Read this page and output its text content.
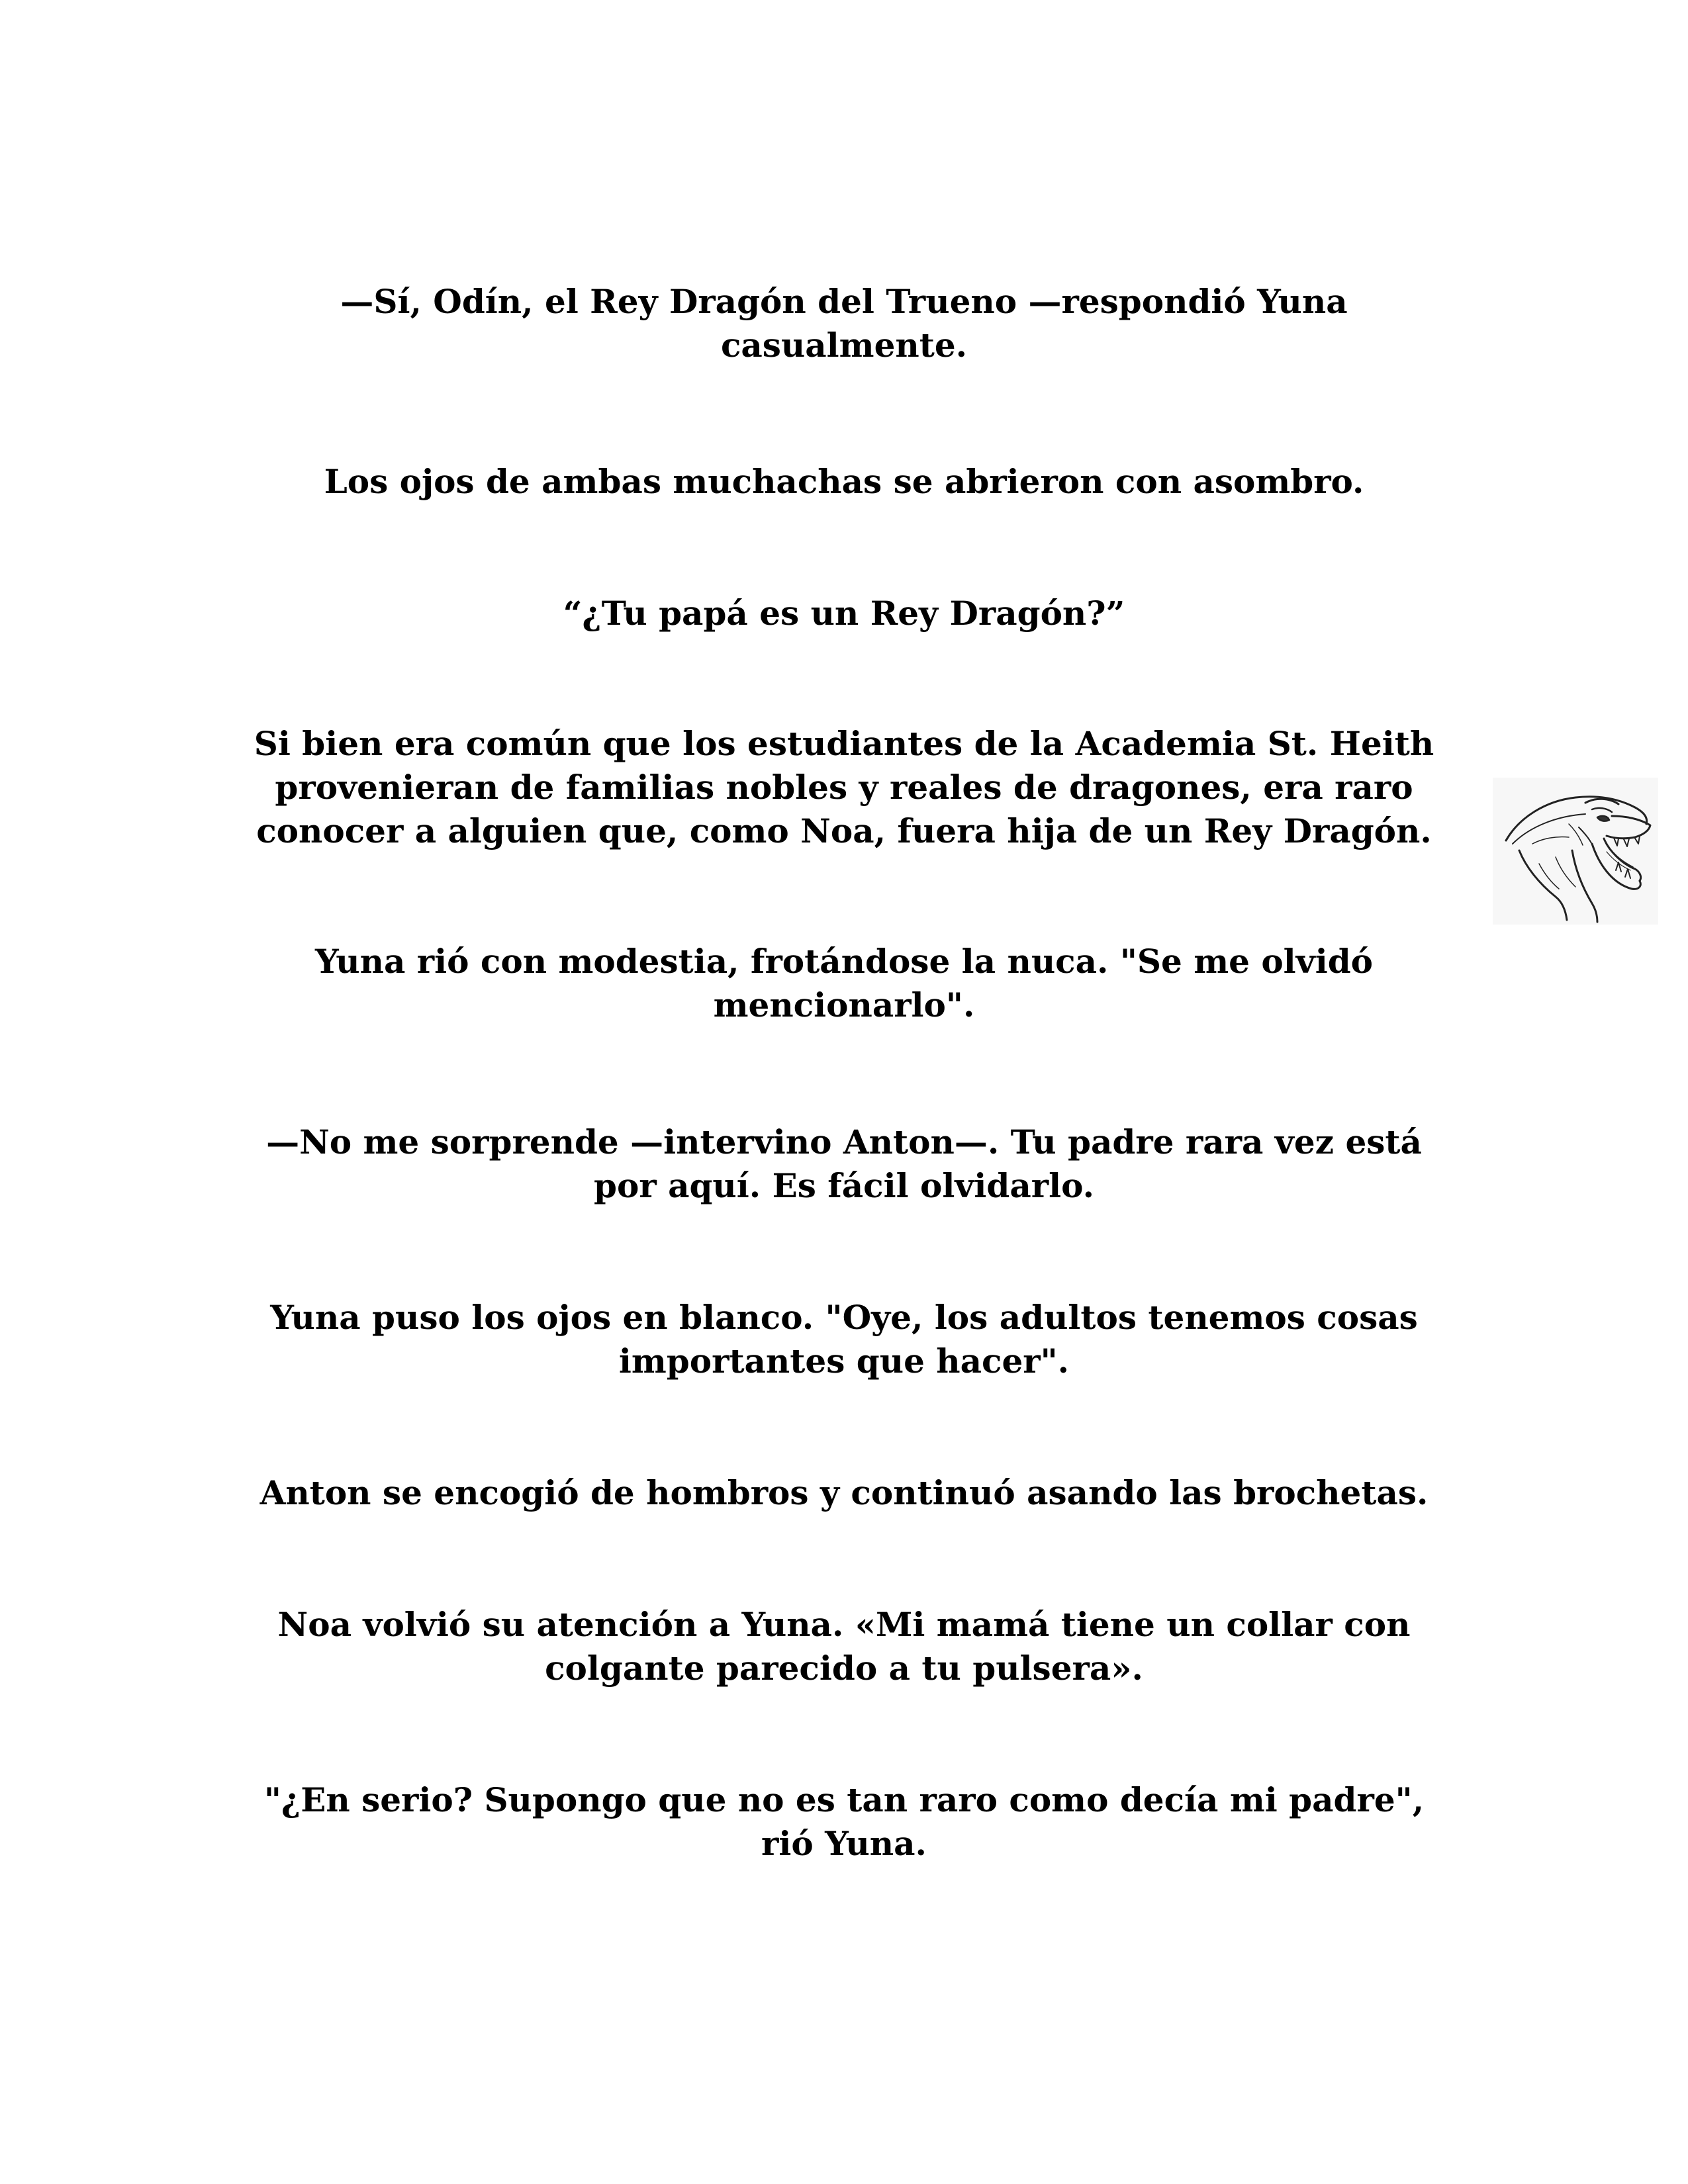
—Sí, Odín, el Rey Dragón del Trueno —respondió Yuna
casualmente.

Los ojos de ambas muchachas se abrieron con asombro.

“¿Tu papá es un Rey Dragón?”

Si bien era común que los estudiantes de la Academia St. Heith
provenieran de familias nobles y reales de dragones, era raro
conocer a alguien que, como Noa, fuera hija de un Rey Dragón.

Yuna rió con modestia, frotándose la nuca. "Se me olvidó
mencionarlo".

—No me sorprende —intervino Anton—. Tu padre rara vez está
por aquí. Es fácil olvidarlo.

Yuna puso los ojos en blanco. "Oye, los adultos tenemos cosas
importantes que hacer".

Anton se encogió de hombros y continuó asando las brochetas.

Noa volvió su atención a Yuna. «Mi mamá tiene un collar con
colgante parecido a tu pulsera».

"¿En serio? Supongo que no es tan raro como decía mi padre",
rió Yuna.
